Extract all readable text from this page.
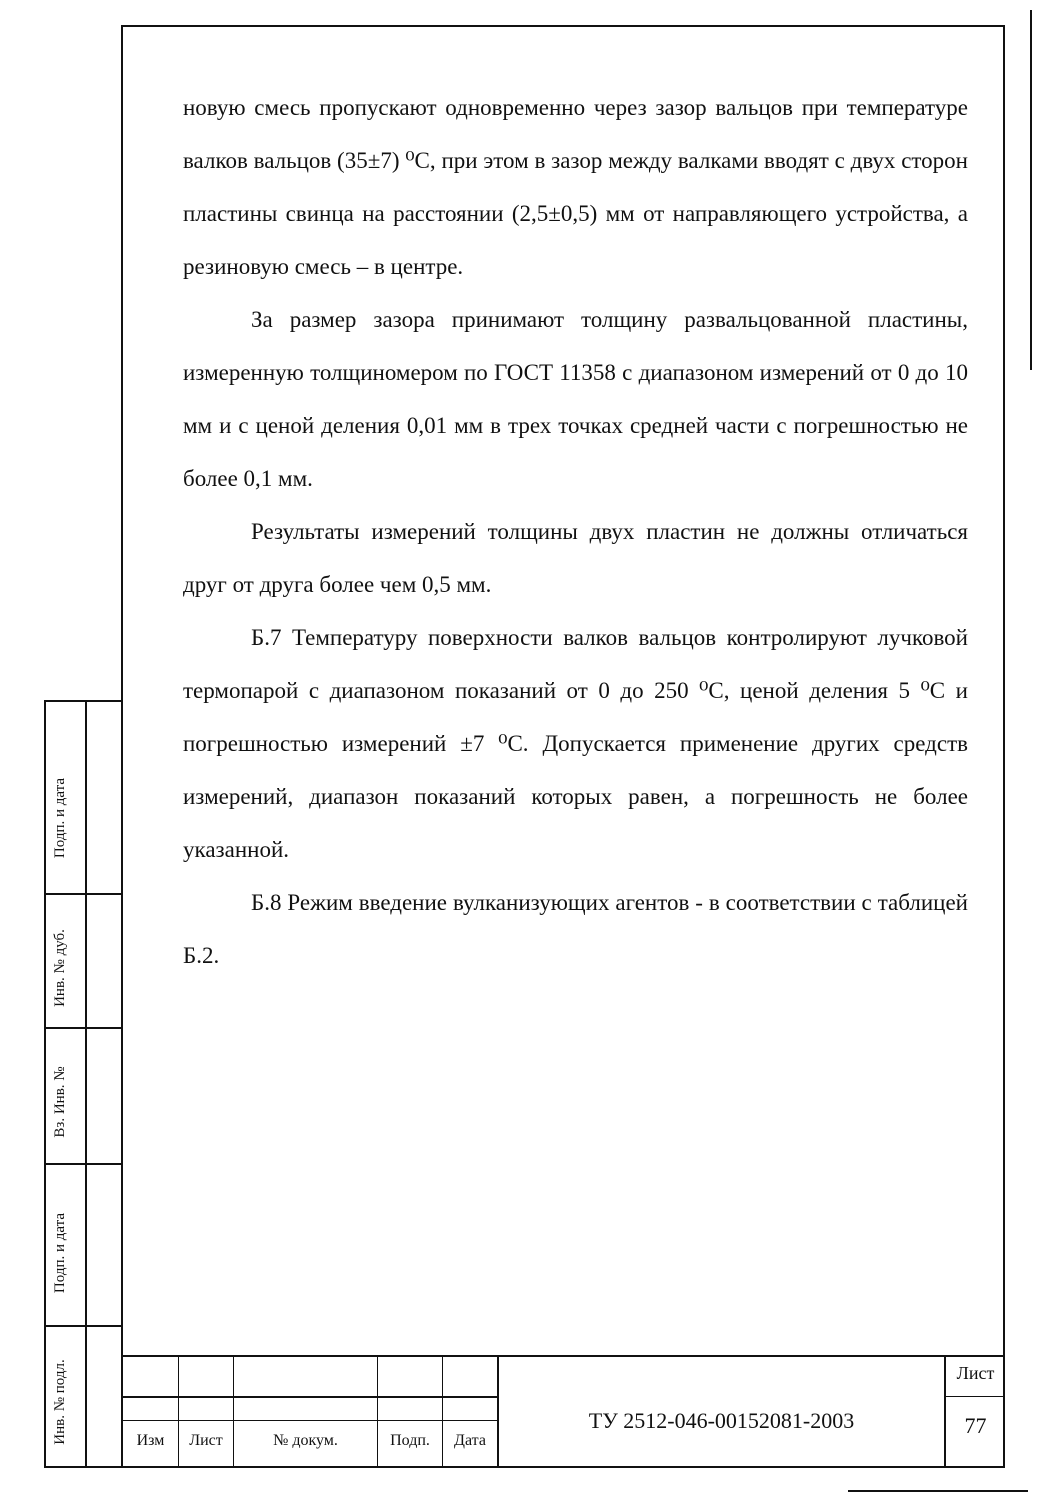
новую смесь пропускают одновременно через зазор вальцов при температуре валков вальцов (35±7) ⁰С, при этом в зазор между валками вводят с двух сторон пластины свинца на расстоянии (2,5±0,5) мм от направляющего устройства, а резиновую смесь – в центре.

За размер зазора принимают толщину развальцованной пластины, измеренную толщиномером по ГОСТ 11358 с диапазоном измерений от 0 до 10 мм и с ценой деления 0,01 мм в трех точках средней части с погрешностью не более 0,1 мм.

Результаты измерений толщины двух пластин не должны отличаться друг от друга более чем 0,5 мм.

Б.7 Температуру поверхности валков вальцов контролируют лучковой термопарой с диапазоном показаний от 0 до 250 ⁰С, ценой деления 5 ⁰С и погрешностью измерений ±7 ⁰С. Допускается применение других средств измерений, диапазон показаний которых равен, а погрешность не более указанной.

Б.8 Режим введение вулканизующих агентов - в соответствии с таблицей Б.2.

Подп. и дата
Инв. № дуб.
Вз. Инв. №
Подп. и дата
Инв. № подл.	Изм	Лист	№ докум.	Подп.	Дата
ТУ 2512-046-00152081-2003
Лист
77
